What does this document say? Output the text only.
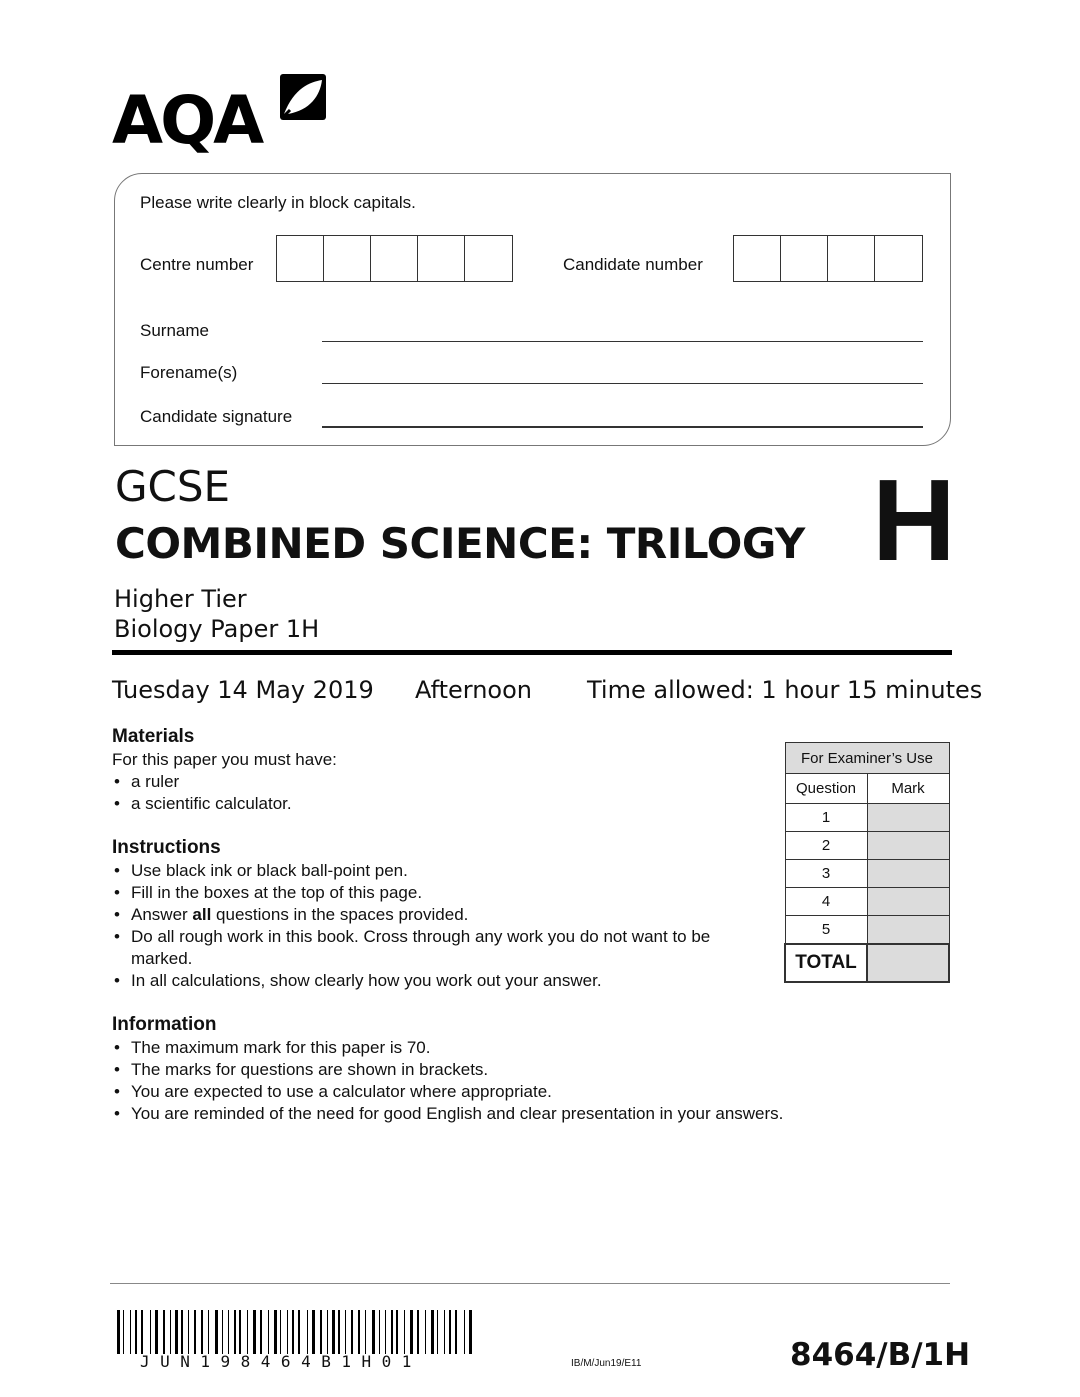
AQA
Please write clearly in block capitals.
Centre number	Candidate number
Surname
Forename(s)
Candidate signature
GCSE
COMBINED SCIENCE: TRILOGY H
Higher Tier
Biology Paper 1H
Tuesday 14 May 2019 Afternoon Time allowed: 1 hour 15 minutes
Materials

For this paper you must have:

• a ruler
• a scientific calculator.
Instructions
• Use black ink or black ball-point pen.
• Fill in the boxes at the top of this page.
• Answer all questions in the spaces provided.
• Do all rough work in this book. Cross through any work you do not want to be marked.
• In all calculations, show clearly how you work out your answer.
Information
• The maximum mark for this paper is 70.
• The marks for questions are shown in brackets.
• You are expected to use a calculator where appropriate.
• You are reminded of the need for good English and clear presentation in your answers.
For Examiner’s Use	
Question	Mark
1	
2	
3	
4	
5	
TOTAL	
JUN198464B1H01	IB/M/Jun19/E11	8464/B/1H
